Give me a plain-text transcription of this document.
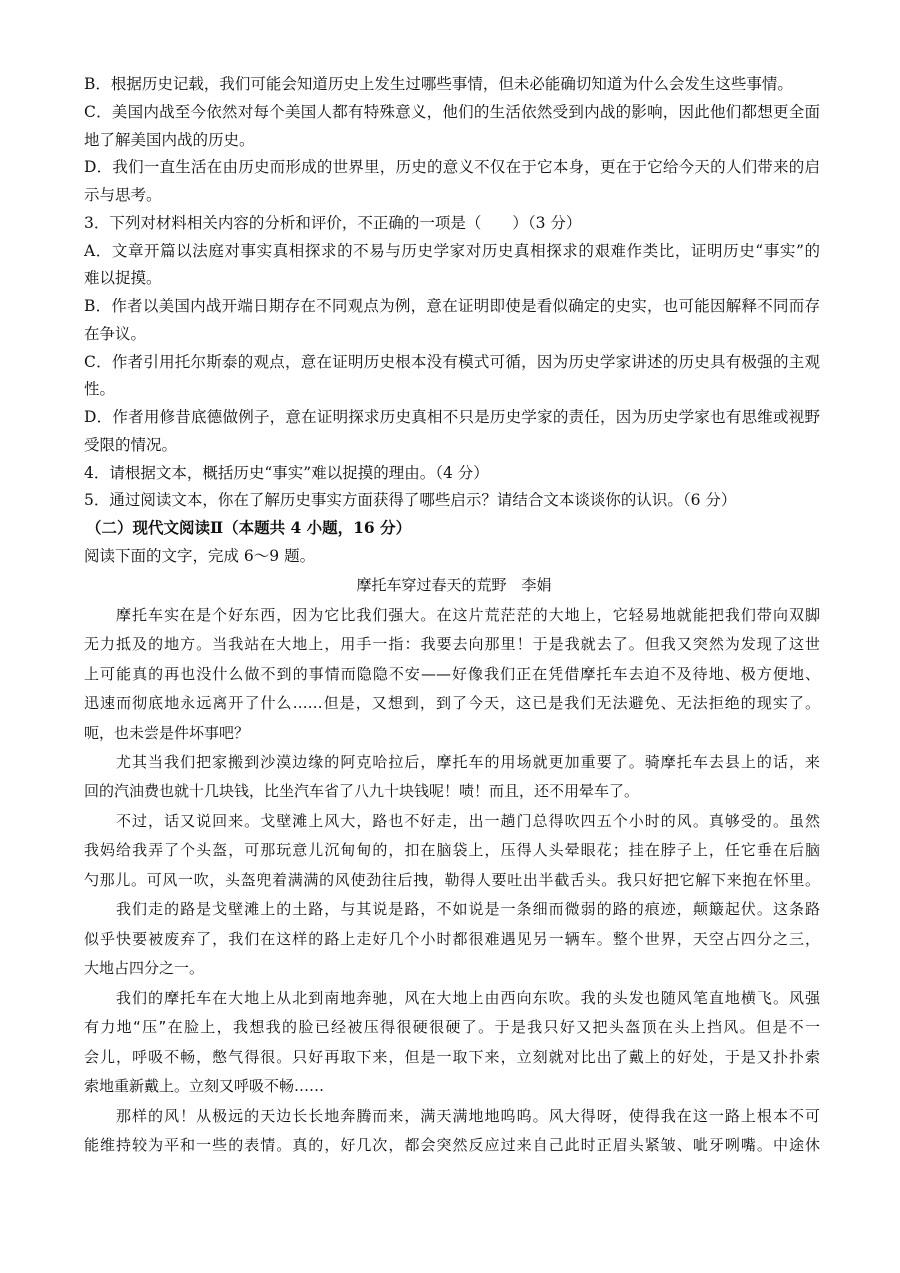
B．根据历史记载，我们可能会知道历史上发生过哪些事情，但未必能确切知道为什么会发生这些事情。
C．美国内战至今依然对每个美国人都有特殊意义，他们的生活依然受到内战的影响，因此他们都想更全面
地了解美国内战的历史。
D．我们一直生活在由历史而形成的世界里，历史的意义不仅在于它本身，更在于它给今天的人们带来的启
示与思考。
3．下列对材料相关内容的分析和评价，不正确的一项是（　　）（3 分）
A．文章开篇以法庭对事实真相探求的不易与历史学家对历史真相探求的艰难作类比，证明历史“事实”的
难以捉摸。
B．作者以美国内战开端日期存在不同观点为例，意在证明即使是看似确定的史实，也可能因解释不同而存
在争议。
C．作者引用托尔斯泰的观点，意在证明历史根本没有模式可循，因为历史学家讲述的历史具有极强的主观
性。
D．作者用修昔底德做例子，意在证明探求历史真相不只是历史学家的责任，因为历史学家也有思维或视野
受限的情况。
4．请根据文本，概括历史“事实”难以捉摸的理由。（4 分）
5．通过阅读文本，你在了解历史事实方面获得了哪些启示？请结合文本谈谈你的认识。（6 分）
（二）现代文阅读Ⅱ（本题共 4 小题，16 分）
阅读下面的文字，完成 6～9 题。
摩托车穿过春天的荒野　李娟
摩托车实在是个好东西，因为它比我们强大。在这片荒茫茫的大地上，它轻易地就能把我们带向双脚
无力抵及的地方。当我站在大地上，用手一指：我要去向那里！于是我就去了。但我又突然为发现了这世
上可能真的再也没什么做不到的事情而隐隐不安——好像我们正在凭借摩托车去迫不及待地、极方便地、
迅速而彻底地永远离开了什么……但是，又想到，到了今天，这已是我们无法避免、无法拒绝的现实了。
呃，也未尝是件坏事吧？
尤其当我们把家搬到沙漠边缘的阿克哈拉后，摩托车的用场就更加重要了。骑摩托车去县上的话，来
回的汽油费也就十几块钱，比坐汽车省了八九十块钱呢！啧！而且，还不用晕车了。
不过，话又说回来。戈壁滩上风大，路也不好走，出一趟门总得吹四五个小时的风。真够受的。虽然
我妈给我弄了个头盔，可那玩意儿沉甸甸的，扣在脑袋上，压得人头晕眼花；挂在脖子上，任它垂在后脑
勺那儿。可风一吹，头盔兜着满满的风使劲往后拽，勒得人要吐出半截舌头。我只好把它解下来抱在怀里。
我们走的路是戈壁滩上的土路，与其说是路，不如说是一条细而微弱的路的痕迹，颠簸起伏。这条路
似乎快要被废弃了，我们在这样的路上走好几个小时都很难遇见另一辆车。整个世界，天空占四分之三，
大地占四分之一。
我们的摩托车在大地上从北到南地奔驰，风在大地上由西向东吹。我的头发也随风笔直地横飞。风强
有力地“压”在脸上，我想我的脸已经被压得很硬很硬了。于是我只好又把头盔顶在头上挡风。但是不一
会儿，呼吸不畅，憋气得很。只好再取下来，但是一取下来，立刻就对比出了戴上的好处，于是又扑扑索
索地重新戴上。立刻又呼吸不畅……
那样的风！从极远的天边长长地奔腾而来，满天满地地呜呜。风大得呀，使得我在这一路上根本不可
能维持较为平和一些的表情。真的，好几次，都会突然反应过来自己此时正眉头紧皱、呲牙咧嘴。中途休
